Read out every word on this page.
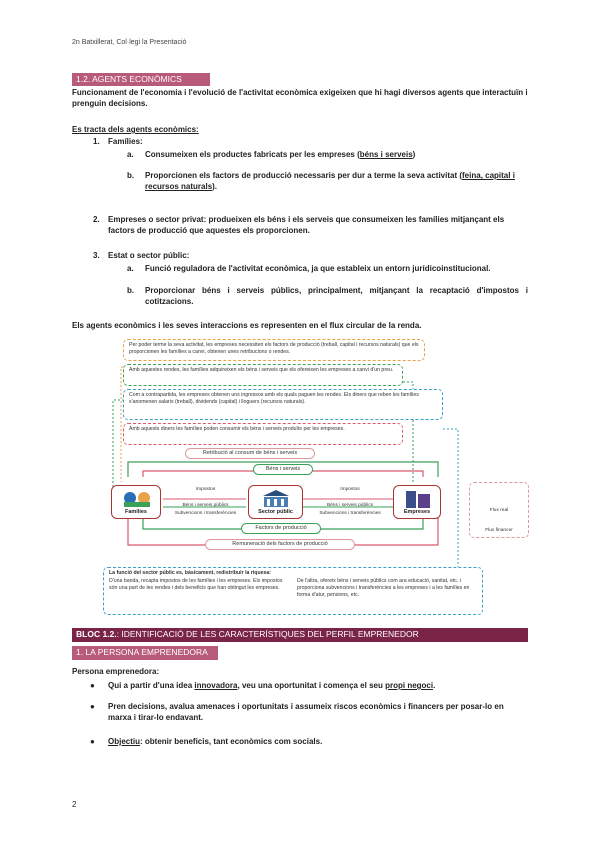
2n Batxillerat, Col·legi la Presentació
1.2. AGENTS ECONÒMICS
Funcionament de l'economia i l'evolució de l'activitat econòmica exigeixen que hi hagi diversos agents que interactuïn i prenguin decisions.
Es tracta dels agents econòmics:
1. Famílies:
a. Consumeixen els productes fabricats per les empreses (béns i serveis)
b. Proporcionen els factors de producció necessaris per dur a terme la seva activitat (feina, capital i recursos naturals).
2. Empreses o sector privat: produeixen els béns i els serveis que consumeixen les famílies mitjançant els factors de producció que aquestes els proporcionen.
3. Estat o sector públic:
a. Funció reguladora de l'activitat econòmica, ja que estableix un entorn jurídicoinstitucional.
b. Proporcionar béns i serveis públics, principalment, mitjançant la recaptació d'impostos i cotitzacions.
Els agents econòmics i les seves interaccions es representen en el flux circular de la renda.
Per poder terme la seva activitat, les empreses necessiten els factors de producció (treball, capital i recursos naturals) que els proporcionen les famílies a canvi, obtenen unes retribucions o rendes.
Amb aquestes rendes, les famílies adquireixen els béns i serveis que els ofereixen les empreses a canvi d'un preu.
Com a contrapartida, les empreses obtenen uns ingressos amb els quals paguen les rendes. Els diners que reben les famílies s'anomenen salaris (treball), dividends (capital) i lloguers (recursos naturals).
Amb aquests diners les famílies poden consumir els béns i serveis produïts per les empreses.
Retribució al consum de béns i serveis
Béns i serveis
Factors de producció
Remuneració dels factors de producció
Famílies	Sector públic	Empreses
Impostos
Béns i serveis públics
Subvencions i transferències
Impostos
Béns i serveis públics
Subvencions i transferències
Flux real
Flux financer
La funció del sector públic es, bàsicament, redistribuir la riquesa:
D'una banda, recapta impostos de les famílies i les empreses. Els impostos són una part de les rendes i dels beneficis que han obtingut les empreses.
De l'altra, ofereix béns i serveis públics com ara educació, sanitat, etc. i proporciona subvencions i transferències a les empreses i a les famílies en forma d'atur, pensions, etc.
BLOC 1.2.: IDENTIFICACIÓ DE LES CARACTERÍSTIQUES DEL PERFIL EMPRENEDOR
1. LA PERSONA EMPRENEDORA
Persona emprenedora:
● Qui a partir d'una idea innovadora, veu una oportunitat i comença el seu propi negoci.
● Pren decisions, avalua amenaces i oportunitats i assumeix riscos econòmics i financers per posar-lo en marxa i tirar-lo endavant.
● Objectiu: obtenir beneficis, tant econòmics com socials.
2
